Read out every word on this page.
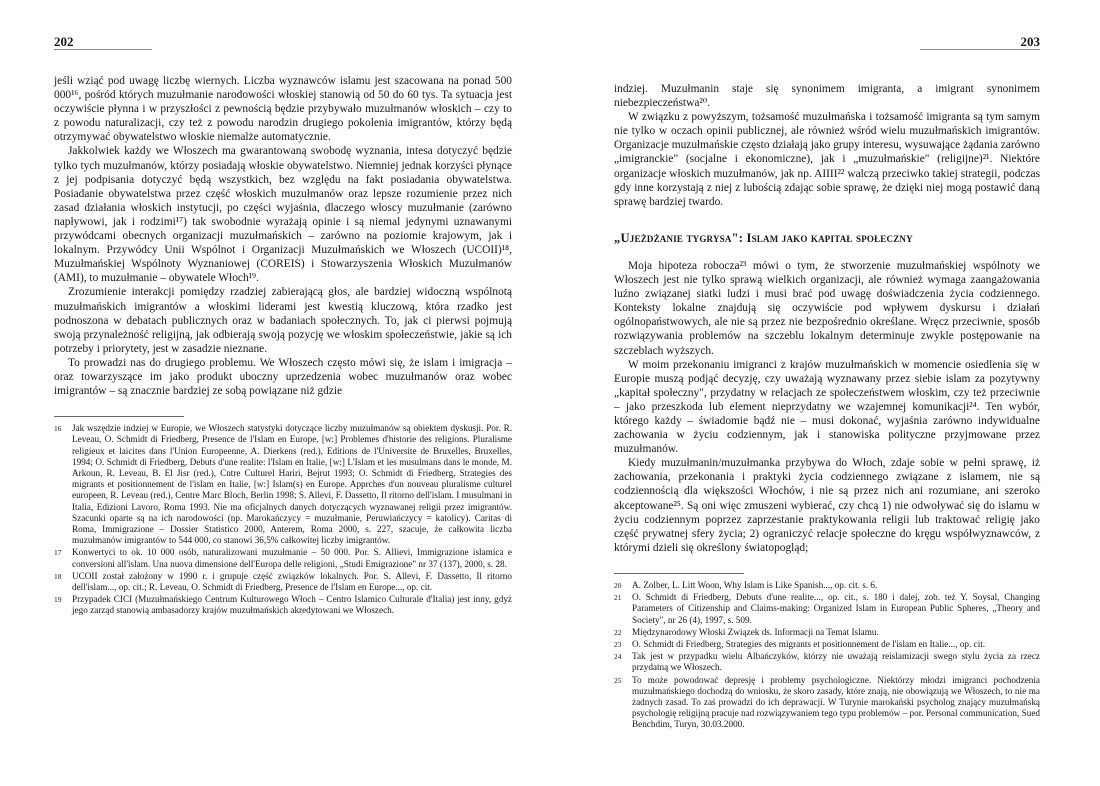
202

jeśli wziąć pod uwagę liczbę wiernych. Liczba wyznawców islamu jest szacowana na ponad 500 000¹⁶, pośród których muzułmanie narodowości włoskiej stanowią od 50 do 60 tys. Ta sytuacja jest oczywiście płynna i w przyszłości z pewnością będzie przybywało muzułmanów włoskich – czy to z powodu naturalizacji, czy też z powodu narodzin drugiego pokolenia imigrantów, którzy będą otrzymywać obywatelstwo włoskie niemalże automatycznie.

Jakkolwiek każdy we Włoszech ma gwarantowaną swobodę wyznania, intesa dotyczyć będzie tylko tych muzułmanów, którzy posiadają włoskie obywatelstwo. Niemniej jednak korzyści płynące z jej podpisania dotyczyć będą wszystkich, bez względu na fakt posiadania obywatelstwa. Posiadanie obywatelstwa przez część włoskich muzułmanów oraz lepsze rozumienie przez nich zasad działania włoskich instytucji, po części wyjaśnia, dlaczego włoscy muzułmanie (zarówno napływowi, jak i rodzimi¹⁷) tak swobodnie wyrażają opinie i są niemal jedynymi uznawanymi przywódcami obecnych organizacji muzułmańskich – zarówno na poziomie krajowym, jak i lokalnym. Przywódcy Unii Wspólnot i Organizacji Muzułmańskich we Włoszech (UCOII)¹⁸, Muzułmańskiej Wspólnoty Wyznaniowej (COREIS) i Stowarzyszenia Włoskich Muzułmanów (AMI), to muzułmanie – obywatele Włoch¹⁹.

Zrozumienie interakcji pomiędzy rzadziej zabierającą głos, ale bardziej widoczną wspólnotą muzułmańskich imigrantów a włoskimi liderami jest kwestią kluczową, która rzadko jest podnoszona w debatach publicznych oraz w badaniach społecznych. To, jak ci pierwsi pojmują swoją przynależność religijną, jak odbierają swoją pozycję we włoskim społeczeństwie, jakie są ich potrzeby i priorytety, jest w zasadzie nieznane.

To prowadzi nas do drugiego problemu. We Włoszech często mówi się, że islam i imigracja – oraz towarzyszące im jako produkt uboczny uprzedzenia wobec muzułmanów oraz wobec imigrantów – są znacznie bardziej ze sobą powiązane niż gdzie

16 Jak wszędzie indziej w Europie, we Włoszech statystyki dotyczące liczby muzułmanów są obiektem dyskusji. Por. R. Leveau, O. Schmidt di Friedberg, Presence de l'Islam en Europe, [w:] Problemes d'historie des religions. Pluralisme religieux et laicites dans l'Union Europeenne, A. Dierkens (red.), Editions de l'Universite de Bruxelles, Bruxelles, 1994; O. Schmidt di Friedberg, Debuts d'une realite: l'Islam en Italie, [w:] L'Islam et les musulmans dans le monde, M. Arkoun, R. Leveau, B. El Jisr (red.), Cntre Culturel Hariri, Bejrut 1993; O. Schmidt di Friedberg, Strategies des migrants et positionnement de l'islam en Italie, [w:] Islam(s) en Europe. Apprches d'un nouveau pluralisme culturel europeen, R. Leveau (red.), Centre Marc Bloch, Berlin 1998; S. Allevi, F. Dassetto, Il ritorno dell'islam. I musulmani in Italia, Edizioni Lavoro, Roma 1993. Nie ma oficjalnych danych dotyczących wyznawanej religii przez imigrantów. Szacunki oparte są na ich narodowości (np. Marokańczycy = muzułmanie, Peruwiańczycy = katolicy). Caritas di Roma, Immigrazione – Dossier Statistico 2000, Anterem, Roma 2000, s. 227, szacuje, że całkowita liczba muzułmanów imigrantów to 544 000, co stanowi 36,5% całkowitej liczby imigrantów.
17 Konwertyci to ok. 10 000 osób, naturalizowani muzułmanie – 50 000. Por. S. Allievi, Immigrazione islamica e conversioni all'islam. Una nuova dimensione dell'Europa delle religioni, „Studi Emigrazione" nr 37 (137), 2000, s. 28.
18 UCOII został założony w 1990 r. i grupuje część związków lokalnych. Por. S. Allevi, F. Dassetto, Il ritorno dell'islam..., op. cit.; R. Leveau, O. Schmidt di Friedberg, Presence de l'Islam en Europe..., op. cit.
19 Przypadek CICI (Muzułmańskiego Centrum Kulturowego Włoch – Centro Islamico Culturale d'Italia) jest inny, gdyż jego zarząd stanowią ambasadorzy krajów muzułmańskich akredytowani we Włoszech.
203

indziej. Muzułmanin staje się synonimem imigranta, a imigrant synonimem niebezpieczeństwa²⁰.

W związku z powyższym, tożsamość muzułmańska i tożsamość imigranta są tym samym nie tylko w oczach opinii publicznej, ale również wśród wielu muzułmańskich imigrantów. Organizacje muzułmańskie często działają jako grupy interesu, wysuwające żądania zarówno „imigranckie" (socjalne i ekonomiczne), jak i „muzułmańskie" (religijne)²¹. Niektóre organizacje włoskich muzułmanów, jak np. AIIII²² walczą przeciwko takiej strategii, podczas gdy inne korzystają z niej z lubością zdając sobie sprawę, że dzięki niej mogą postawić daną sprawę bardziej twardo.

„Ujeżdżanie tygrysa": Islam jako kapitał społeczny

Moja hipoteza robocza²³ mówi o tym, że stworzenie muzułmańskiej wspólnoty we Włoszech jest nie tylko sprawą wielkich organizacji, ale również wymaga zaangażowania luźno związanej siatki ludzi i musi brać pod uwagę doświadczenia życia codziennego. Konteksty lokalne znajdują się oczywiście pod wpływem dyskursu i działań ogólnopaństwowych, ale nie są przez nie bezpośrednio określane. Wręcz przeciwnie, sposób rozwiązywania problemów na szczeblu lokalnym determinuje zwykle postępowanie na szczeblach wyższych.

W moim przekonaniu imigranci z krajów muzułmańskich w momencie osiedlenia się w Europie muszą podjąć decyzję, czy uważają wyznawany przez siebie islam za pozytywny „kapitał społeczny", przydatny w relacjach ze społeczeństwem włoskim, czy też przeciwnie – jako przeszkoda lub element nieprzydatny we wzajemnej komunikacji²⁴. Ten wybór, którego każdy – świadomie bądź nie – musi dokonać, wyjaśnia zarówno indywidualne zachowania w życiu codziennym, jak i stanowiska polityczne przyjmowane przez muzułmanów.

Kiedy muzułmanin/muzułmanka przybywa do Włoch, zdaje sobie w pełni sprawę, iż zachowania, przekonania i praktyki życia codziennego związane z islamem, nie są codziennością dla większości Włochów, i nie są przez nich ani rozumiane, ani szeroko akceptowane²⁵. Są oni więc zmuszeni wybierać, czy chcą 1) nie odwoływać się do islamu w życiu codziennym poprzez zaprzestanie praktykowania religii lub traktować religię jako część prywatnej sfery życia; 2) ograniczyć relacje społeczne do kręgu współwyznawców, z którymi dzieli się określony światopogląd;

20 A. Zolber, L. Litt Woon, Why Islam is Like Spanish..., op. cit. s. 6.
21 O. Schmidt di Friedberg, Debuts d'une realite..., op. cit., s. 180 i dalej, zob. też Y. Soysal, Changing Parameters of Citizenship and Claims-making: Organized Islam in European Public Spheres, „Theory and Society", nr 26 (4), 1997, s. 509.
22 Międzynarodowy Włoski Związek ds. Informacji na Temat Islamu.
23 O. Schmidt di Friedberg, Strategies des migrants et positionnement de l'islam en Italie..., op. cit.
24 Tak jest w przypadku wielu Albańczyków, którzy nie uważają reislamizacji swego stylu życia za rzecz przydatną we Włoszech.
25 To może powodować depresję i problemy psychologiczne. Niektórzy młodzi imigranci pochodzenia muzułmańskiego dochodzą do wniosku, że skoro zasady, które znają, nie obowiązują we Włoszech, to nie ma żadnych zasad. To zaś prowadzi do ich deprawacji. W Turynie marokański psycholog znający muzułmańską psychologię religijną pracuje nad rozwiązywaniem tego typu problemów – por. Personal communication, Sued Benchdim, Turyn, 30.03.2000.
